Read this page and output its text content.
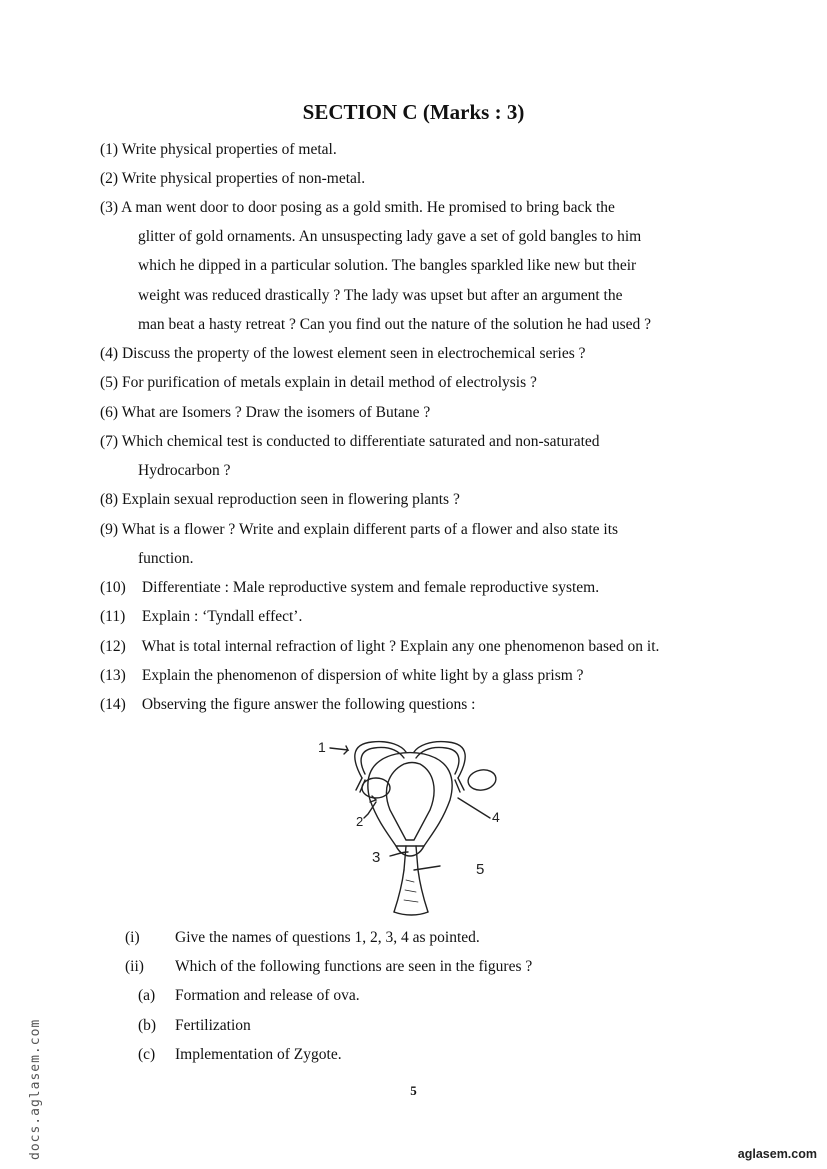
SECTION C (Marks : 3)
(1) Write physical properties of metal.
(2) Write physical properties of non-metal.
(3) A man went door to door posing as a gold smith. He promised to bring back the
glitter of gold ornaments. An unsuspecting lady gave a set of gold bangles to him
which he dipped in a particular solution. The bangles sparkled like new but their
weight was reduced drastically ? The lady was upset but after an argument the
man beat a hasty retreat ? Can you find out the nature of the solution he had used ?
(4) Discuss the property of the lowest element seen in electrochemical series ?
(5) For purification of metals explain in detail method of electrolysis ?
(6) What are Isomers ? Draw the isomers of Butane ?
(7) Which chemical test is conducted to differentiate saturated and non-saturated
Hydrocarbon ?
(8) Explain sexual reproduction seen in flowering plants ?
(9) What is a flower ? Write and explain different parts of a flower and also state its
function.
(10) Differentiate : Male reproductive system and female reproductive system.
(11) Explain : ‘Tyndall effect’.
(12) What is total internal refraction of light ? Explain any one phenomenon based on it.
(13) Explain the phenomenon of dispersion of white light by a glass prism ?
(14) Observing the figure answer the following questions :
1
2
3
4
5
(i) Give the names of questions 1, 2, 3, 4 as pointed.
(ii) Which of the following functions are seen in the figures ?
(a) Formation and release of ova.
(b) Fertilization
(c) Implementation of Zygote.
5
docs.aglasem.com	aglasem.com
